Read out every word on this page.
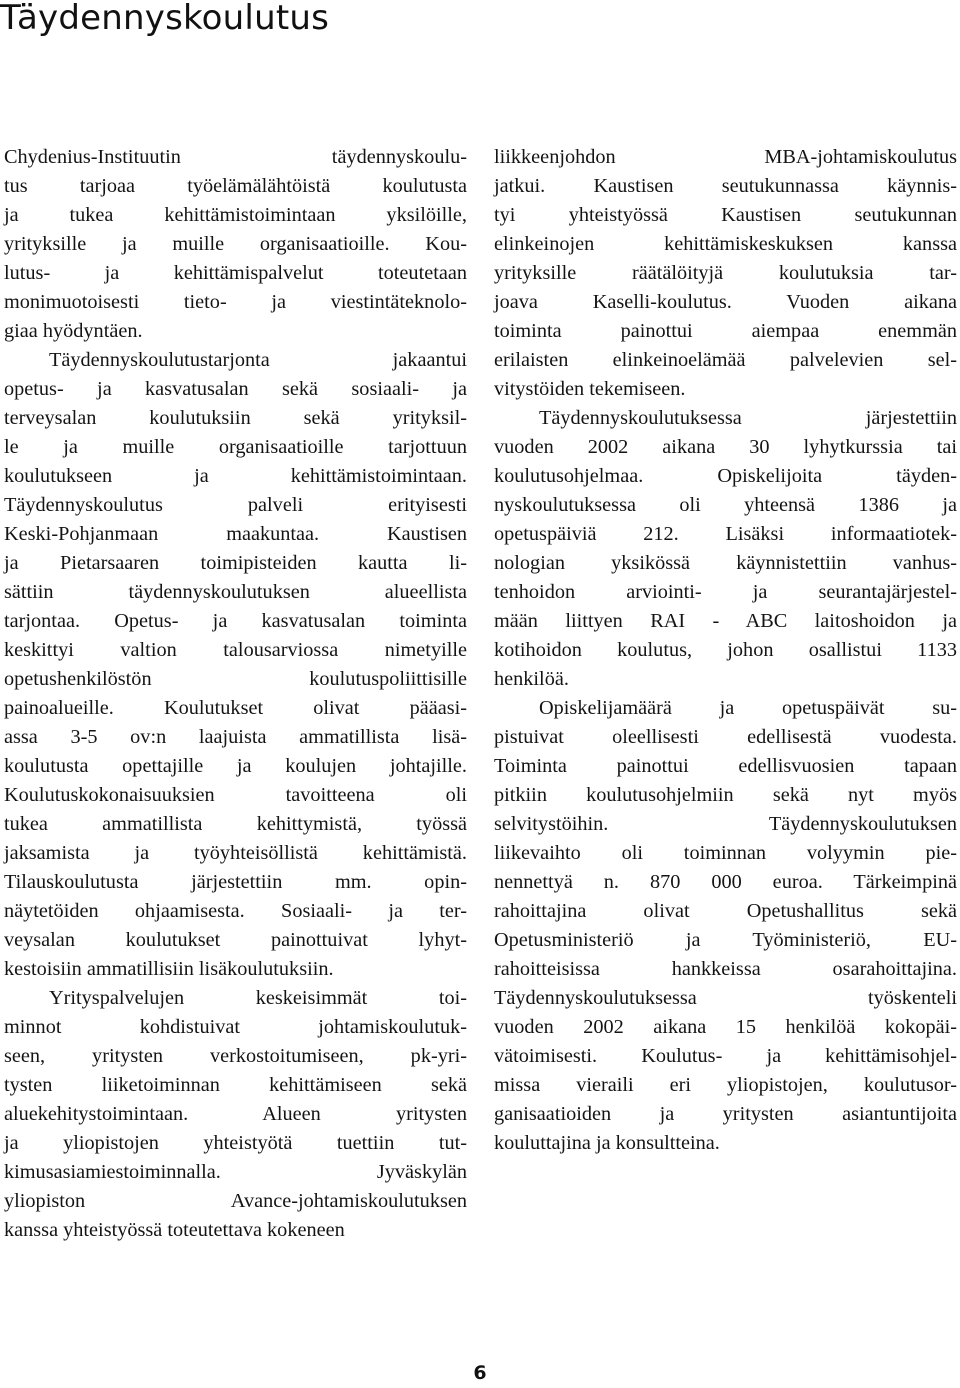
Täydennyskoulutus
Chydenius-Instituutin täydennyskoulu-
tus tarjoaa työelämälähtöistä koulutusta
ja tukea kehittämistoimintaan yksilöille,
yrityksille ja muille organisaatioille. Kou-
lutus- ja kehittämispalvelut toteutetaan
monimuotoisesti tieto- ja viestintäteknolo-
giaa hyödyntäen.
Täydennyskoulutustarjonta jakaantui
opetus- ja kasvatusalan sekä sosiaali- ja
terveysalan koulutuksiin sekä yrityksil-
le ja muille organisaatioille tarjottuun
koulutukseen ja kehittämistoimintaan.
Täydennyskoulutus palveli erityisesti
Keski-Pohjanmaan maakuntaa. Kaustisen
ja Pietarsaaren toimipisteiden kautta li-
sättiin täydennyskoulutuksen alueellista
tarjontaa. Opetus- ja kasvatusalan toiminta
keskittyi valtion talousarviossa nimetyille
opetushenkilöstön koulutuspoliittisille
painoalueille. Koulutukset olivat pääasi-
assa 3-5 ov:n laajuista ammatillista lisä-
koulutusta opettajille ja koulujen johtajille.
Koulutuskokonaisuuksien tavoitteena oli
tukea ammatillista kehittymistä, työssä
jaksamista ja työyhteisöllistä kehittämistä.
Tilauskoulutusta järjestettiin mm. opin-
näytetöiden ohjaamisesta. Sosiaali- ja ter-
veysalan koulutukset painottuivat lyhyt-
kestoisiin ammatillisiin lisäkoulutuksiin.
Yrityspalvelujen keskeisimmät toi-
minnot kohdistuivat johtamiskoulutuk-
seen, yritysten verkostoitumiseen, pk-yri-
tysten liiketoiminnan kehittämiseen sekä
aluekehitystoimintaan. Alueen yritysten
ja yliopistojen yhteistyötä tuettiin tut-
kimusasiamiestoiminnalla. Jyväskylän
yliopiston Avance-johtamiskoulutuksen
kanssa yhteistyössä toteutettava kokeneen
liikkeenjohdon MBA-johtamiskoulutus
jatkui. Kaustisen seutukunnassa käynnis-
tyi yhteistyössä Kaustisen seutukunnan
elinkeinojen kehittämiskeskuksen kanssa
yrityksille räätälöityjä koulutuksia tar-
joava Kaselli-koulutus. Vuoden aikana
toiminta painottui aiempaa enemmän
erilaisten elinkeinoelämää palvelevien sel-
vitystöiden tekemiseen.
Täydennyskoulutuksessa järjestettiin
vuoden 2002 aikana 30 lyhytkurssia tai
koulutusohjelmaa. Opiskelijoita täyden-
nyskoulutuksessa oli yhteensä 1386 ja
opetuspäiviä 212. Lisäksi informaatiotek-
nologian yksikössä käynnistettiin vanhus-
tenhoidon arviointi- ja seurantajärjestel-
mään liittyen RAI - ABC laitoshoidon ja
kotihoidon koulutus, johon osallistui 1133
henkilöä.
Opiskelijamäärä ja opetuspäivät su-
pistuivat oleellisesti edellisestä vuodesta.
Toiminta painottui edellisvuosien tapaan
pitkiin koulutusohjelmiin sekä nyt myös
selvitystöihin. Täydennyskoulutuksen
liikevaihto oli toiminnan volyymin pie-
nennettyä n. 870 000 euroa. Tärkeimpinä
rahoittajina olivat Opetushallitus sekä
Opetusministeriö ja Työministeriö, EU-
rahoitteisissa hankkeissa osarahoittajina.
Täydennyskoulutuksessa työskenteli
vuoden 2002 aikana 15 henkilöä kokopäi-
vätoimisesti. Koulutus- ja kehittämisohjel-
missa vieraili eri yliopistojen, koulutusor-
ganisaatioiden ja yritysten asiantuntijoita
kouluttajina ja konsultteina.
6
